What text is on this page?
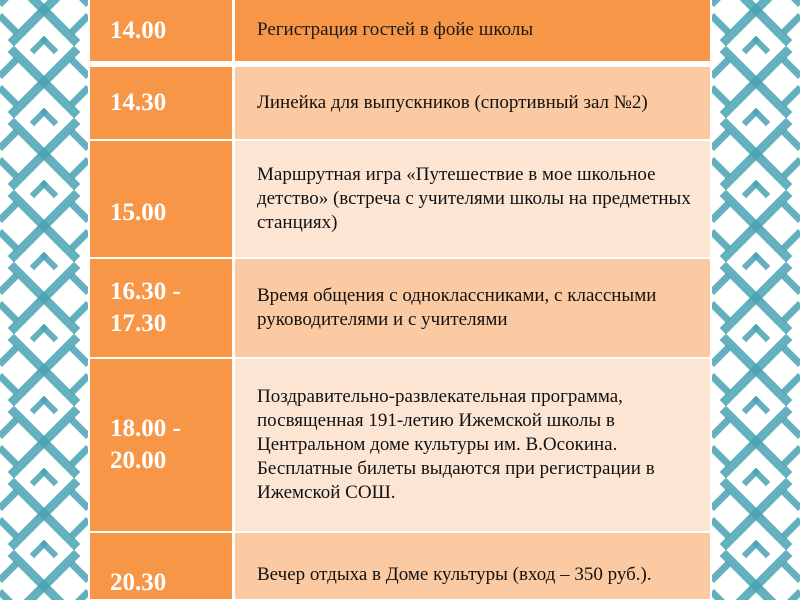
14.00	Регистрация гостей в фойе школы
14.30	Линейка для выпускников (спортивный зал №2)
15.00	Маршрутная игра «Путешествие в мое школьное детство» (встреча с учителями школы на предметных станциях)
16.30 - 17.30	Время общения с одноклассниками, с классными руководителями и с учителями
18.00 - 20.00	Поздравительно-развлекательная программа, посвященная 191-летию Ижемской школы в Центральном доме культуры им. В.Осокина. Бесплатные билеты выдаются при регистрации в Ижемской СОШ.
20.30	Вечер отдыха в Доме культуры (вход – 350 руб.).
